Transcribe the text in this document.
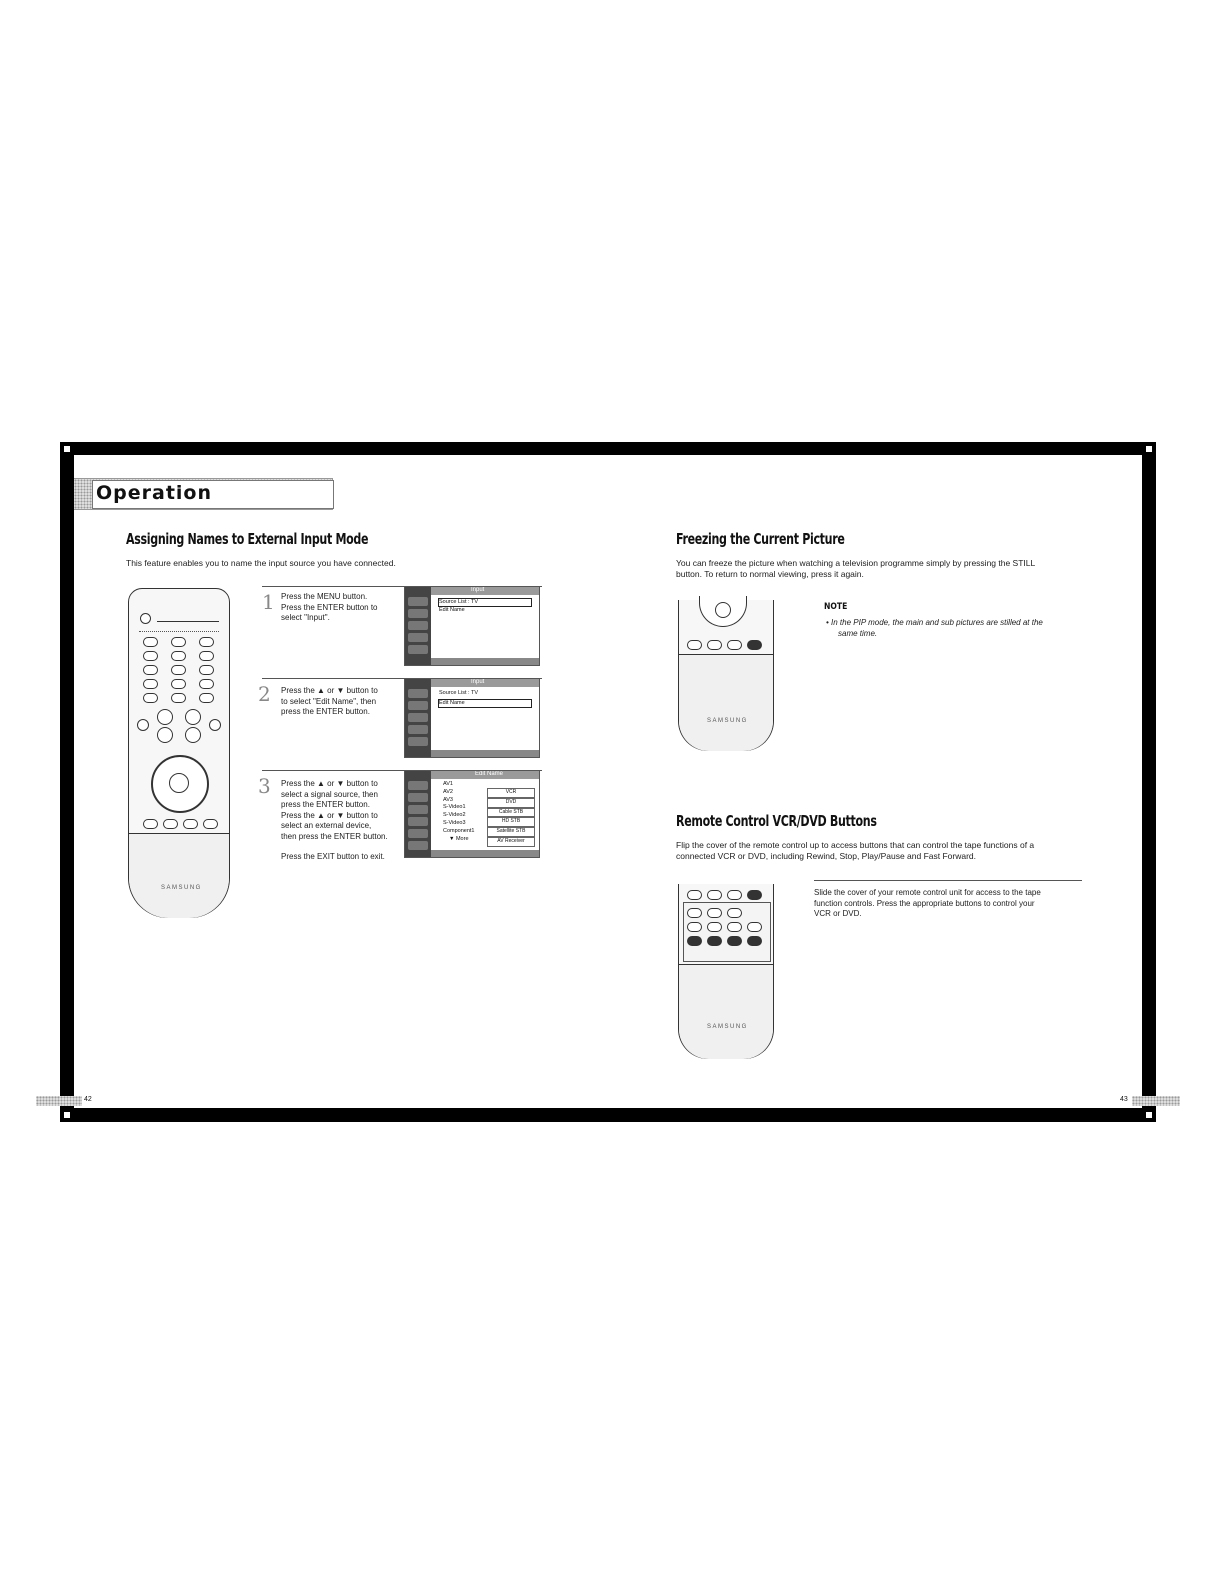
Operation
Assigning Names to External Input Mode
This feature enables you to name the input source you have connected.
SAMSUNG
1 Press the MENU button.
Press the ENTER button to
select "Input".
Input
Source List : TV
Edit Name
2 Press the ▲ or ▼ button to
to select "Edit Name", then
press the ENTER button.
Input
Source List : TV
Edit Name
3 Press the ▲ or ▼ button to
select a signal source, then
press the ENTER button.
Press the ▲ or ▼ button to
select an external device,
then press the ENTER button.
Press the EXIT button to exit.
Edit Name
AV1
AV2
AV3
S-Video1
S-Video2
S-Video3
Component1
▼ More
VCR
DVD
Cable STB
HD STB
Satellite STB
AV Receiver
Freezing the Current Picture
You can freeze the picture when watching a television programme simply by pressing the STILL
button. To return to normal viewing, press it again.
SAMSUNG
NOTE
• In the PIP mode, the main and sub pictures are stilled at the
same time.
Remote Control VCR/DVD Buttons
Flip the cover of the remote control up to access buttons that can control the tape functions of a
connected VCR or DVD, including Rewind, Stop, Play/Pause and Fast Forward.
SAMSUNG
Slide the cover of your remote control unit for access to the tape
function controls. Press the appropriate buttons to control your
VCR or DVD.
42	43
